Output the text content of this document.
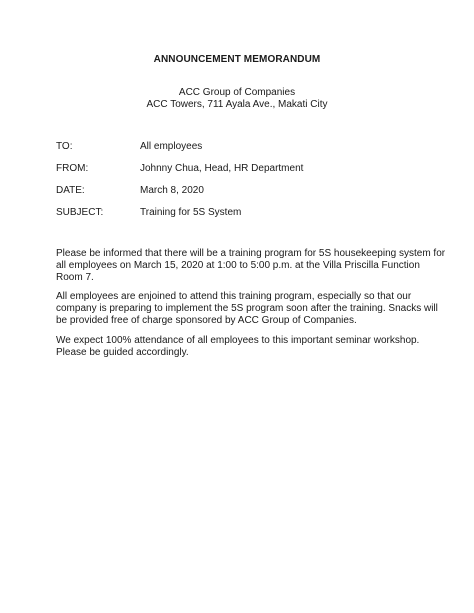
ANNOUNCEMENT MEMORANDUM
ACC Group of Companies
ACC Towers, 711 Ayala Ave., Makati City
TO:	All employees
FROM:	Johnny Chua, Head, HR Department
DATE:	March 8, 2020
SUBJECT:	Training for 5S System
Please be informed that there will be a training program for 5S housekeeping system for
all employees on March 15, 2020 at 1:00 to 5:00 p.m. at the Villa Priscilla Function
Room 7.
All employees are enjoined to attend this training program, especially so that our
company is preparing to implement the 5S program soon after the training. Snacks will
be provided free of charge sponsored by ACC Group of Companies.
We expect 100% attendance of all employees to this important seminar workshop.
Please be guided accordingly.
